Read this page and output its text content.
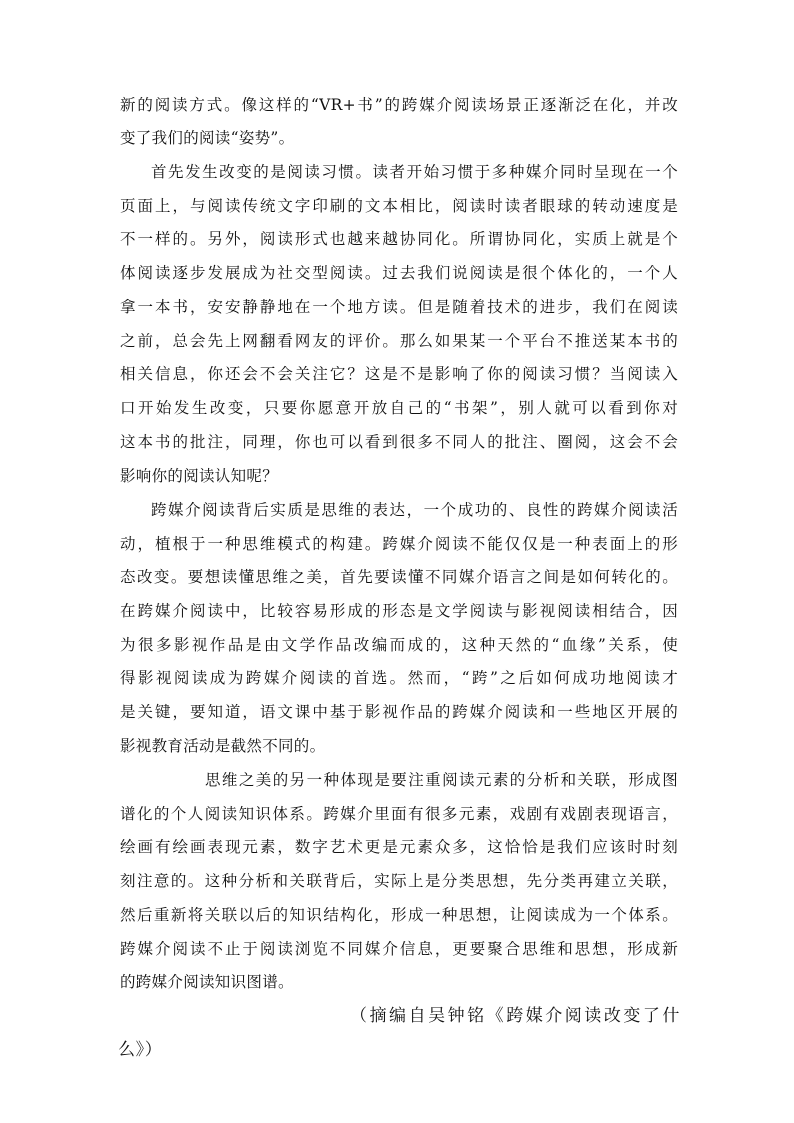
新的阅读方式。像这样的“VR+书”的跨媒介阅读场景正逐渐泛在化，并改
变了我们的阅读“姿势”。
首先发生改变的是阅读习惯。读者开始习惯于多种媒介同时呈现在一个
页面上，与阅读传统文字印刷的文本相比，阅读时读者眼球的转动速度是
不一样的。另外，阅读形式也越来越协同化。所谓协同化，实质上就是个
体阅读逐步发展成为社交型阅读。过去我们说阅读是很个体化的，一个人
拿一本书，安安静静地在一个地方读。但是随着技术的进步，我们在阅读
之前，总会先上网翻看网友的评价。那么如果某一个平台不推送某本书的
相关信息，你还会不会关注它？这是不是影响了你的阅读习惯？当阅读入
口开始发生改变，只要你愿意开放自己的“书架”，别人就可以看到你对
这本书的批注，同理，你也可以看到很多不同人的批注、圈阅，这会不会
影响你的阅读认知呢？
跨媒介阅读背后实质是思维的表达，一个成功的、良性的跨媒介阅读活
动，植根于一种思维模式的构建。跨媒介阅读不能仅仅是一种表面上的形
态改变。要想读懂思维之美，首先要读懂不同媒介语言之间是如何转化的。
在跨媒介阅读中，比较容易形成的形态是文学阅读与影视阅读相结合，因
为很多影视作品是由文学作品改编而成的，这种天然的“血缘”关系，使
得影视阅读成为跨媒介阅读的首选。然而，“跨”之后如何成功地阅读才
是关键，要知道，语文课中基于影视作品的跨媒介阅读和一些地区开展的
影视教育活动是截然不同的。
思维之美的另一种体现是要注重阅读元素的分析和关联，形成图
谱化的个人阅读知识体系。跨媒介里面有很多元素，戏剧有戏剧表现语言，
绘画有绘画表现元素，数字艺术更是元素众多，这恰恰是我们应该时时刻
刻注意的。这种分析和关联背后，实际上是分类思想，先分类再建立关联，
然后重新将关联以后的知识结构化，形成一种思想，让阅读成为一个体系。
跨媒介阅读不止于阅读浏览不同媒介信息，更要聚合思维和思想，形成新
的跨媒介阅读知识图谱。
（摘编自吴钟铭《跨媒介阅读改变了什
么》）
